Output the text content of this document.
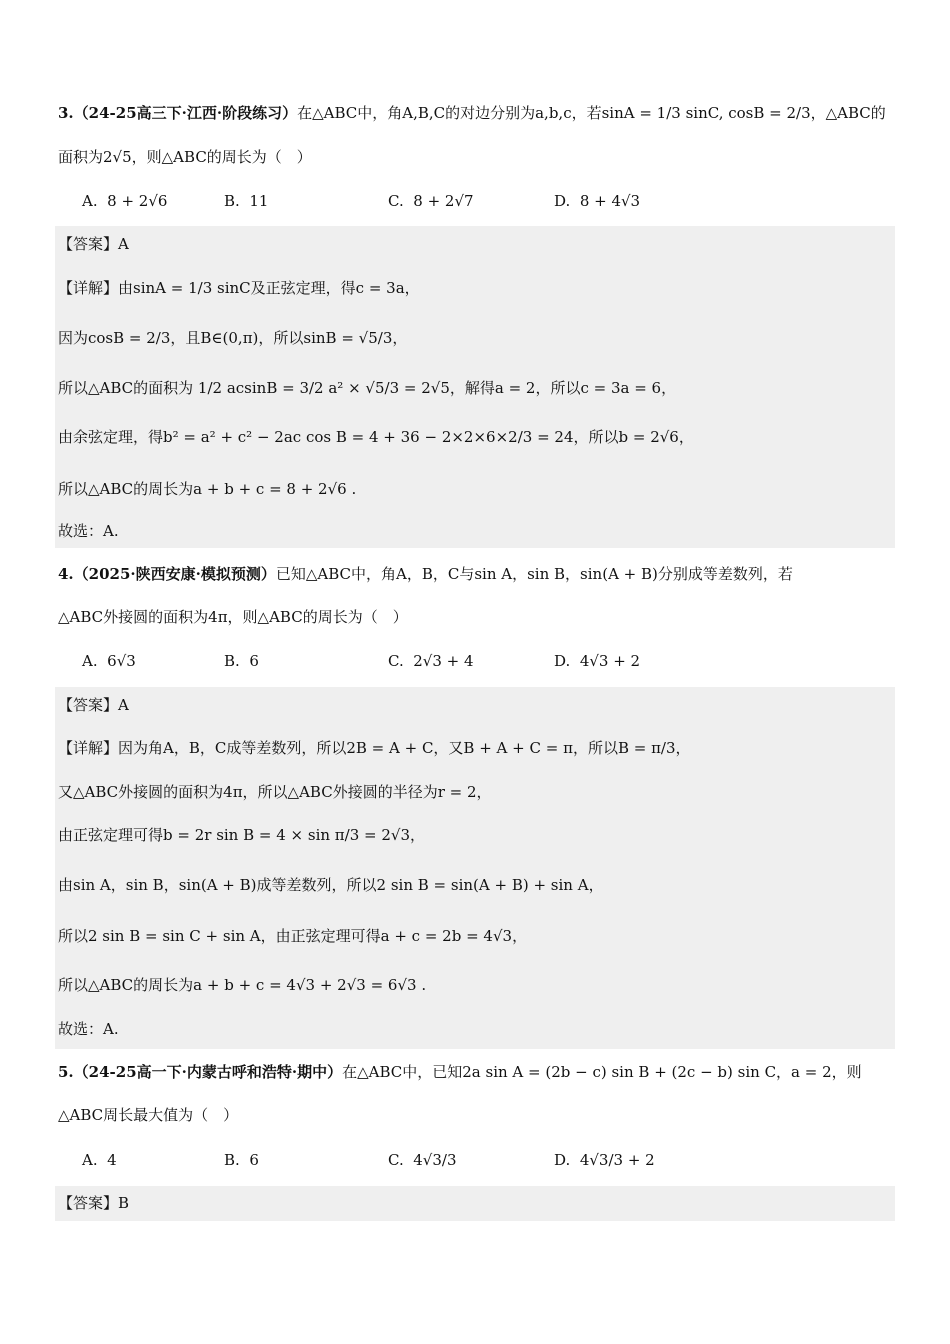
3.（24-25高三下·江西·阶段练习）在△ABC中，角A,B,C的对边分别为a,b,c，若sinA = 1/3 sinC, cosB = 2/3，△ABC的
面积为2√5，则△ABC的周长为（　）
A. 8 + 2√6	B. 11	C. 8 + 2√7	D. 8 + 4√3
【答案】A
【详解】由sinA = 1/3 sinC及正弦定理，得c = 3a，
因为cosB = 2/3，且B∈(0,π)，所以sinB = √5/3，
所以△ABC的面积为 1/2 acsinB = 3/2 a² × √5/3 = 2√5，解得a = 2，所以c = 3a = 6，
由余弦定理，得b² = a² + c² − 2ac cos B = 4 + 36 − 2×2×6×2/3 = 24，所以b = 2√6，
所以△ABC的周长为a + b + c = 8 + 2√6 .
故选：A.
4.（2025·陕西安康·模拟预测）已知△ABC中，角A，B，C与sin A，sin B，sin(A + B)分别成等差数列，若
△ABC外接圆的面积为4π，则△ABC的周长为（　）
A. 6√3	B. 6	C. 2√3 + 4	D. 4√3 + 2
【答案】A
【详解】因为角A，B，C成等差数列，所以2B = A + C，又B + A + C = π，所以B = π/3，
又△ABC外接圆的面积为4π，所以△ABC外接圆的半径为r = 2，
由正弦定理可得b = 2r sin B = 4 × sin π/3 = 2√3，
由sin A，sin B，sin(A + B)成等差数列，所以2 sin B = sin(A + B) + sin A，
所以2 sin B = sin C + sin A，由正弦定理可得a + c = 2b = 4√3，
所以△ABC的周长为a + b + c = 4√3 + 2√3 = 6√3 .
故选：A.
5.（24-25高一下·内蒙古呼和浩特·期中）在△ABC中，已知2a sin A = (2b − c) sin B + (2c − b) sin C，a = 2，则
△ABC周长最大值为（　）
A. 4	B. 6	C. 4√3/3	D. 4√3/3 + 2
【答案】B
